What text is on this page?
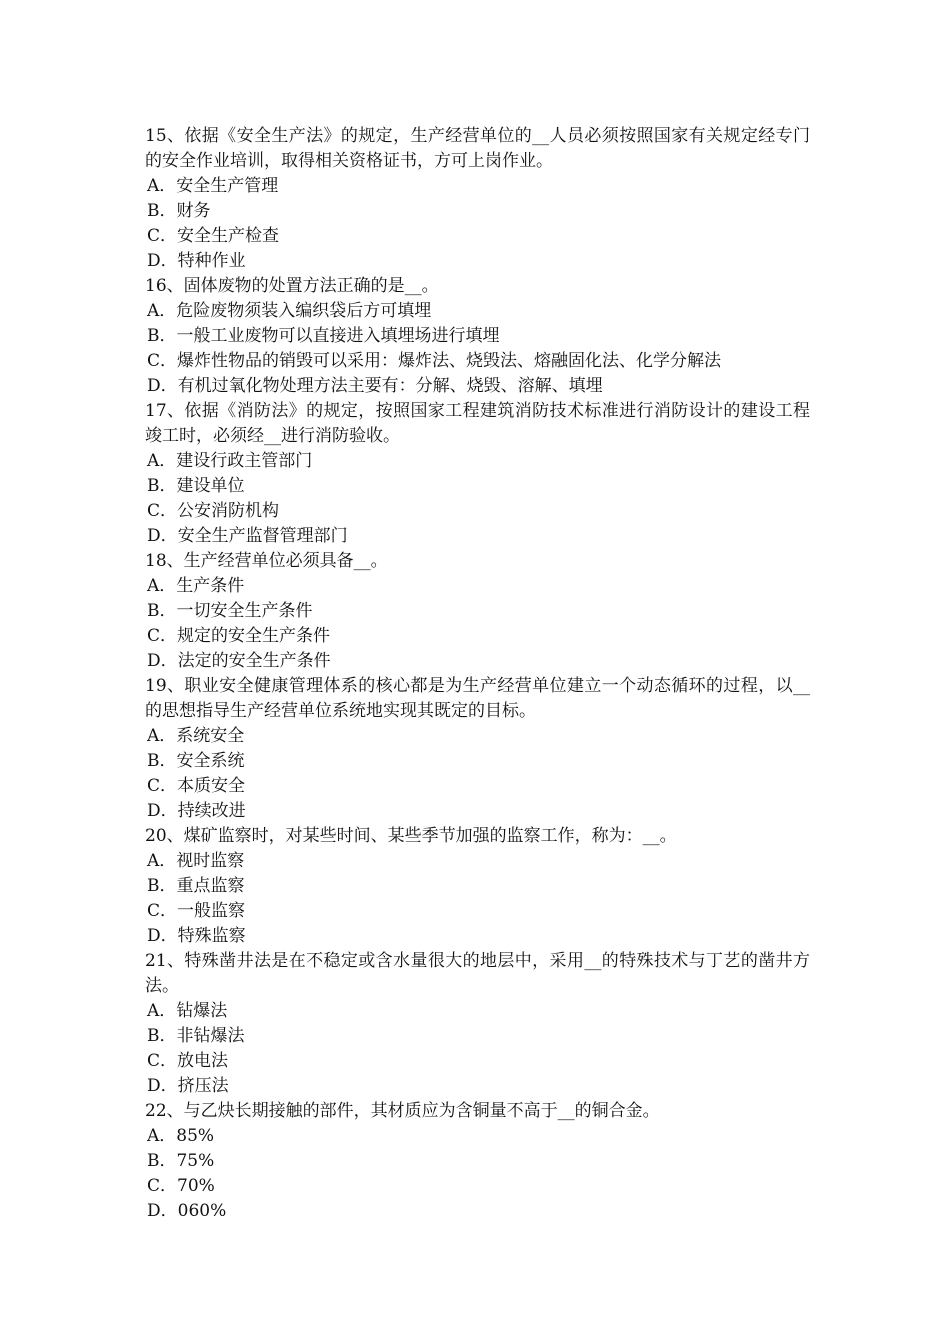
15、依据《安全生产法》的规定，生产经营单位的__人员必须按照国家有关规定经专门的安全作业培训，取得相关资格证书，方可上岗作业。

A．安全生产管理

B．财务

C．安全生产检查

D．特种作业

16、固体废物的处置方法正确的是__。

A．危险废物须装入编织袋后方可填埋

B．一般工业废物可以直接进入填埋场进行填埋

C．爆炸性物品的销毁可以采用：爆炸法、烧毁法、熔融固化法、化学分解法

D．有机过氧化物处理方法主要有：分解、烧毁、溶解、填埋

17、依据《消防法》的规定，按照国家工程建筑消防技术标准进行消防设计的建设工程竣工时，必须经__进行消防验收。

A．建设行政主管部门

B．建设单位

C．公安消防机构

D．安全生产监督管理部门

18、生产经营单位必须具备__。

A．生产条件

B．一切安全生产条件

C．规定的安全生产条件

D．法定的安全生产条件

19、职业安全健康管理体系的核心都是为生产经营单位建立一个动态循环的过程，以__的思想指导生产经营单位系统地实现其既定的目标。

A．系统安全

B．安全系统

C．本质安全

D．持续改进

20、煤矿监察时，对某些时间、某些季节加强的监察工作，称为：__。

A．视时监察

B．重点监察

C．一般监察

D．特殊监察

21、特殊凿井法是在不稳定或含水量很大的地层中，采用__的特殊技术与丁艺的凿井方法。

A．钻爆法

B．非钻爆法

C．放电法

D．挤压法

22、与乙炔长期接触的部件，其材质应为含铜量不高于__的铜合金。

A．85%

B．75%

C．70%

D．060%
